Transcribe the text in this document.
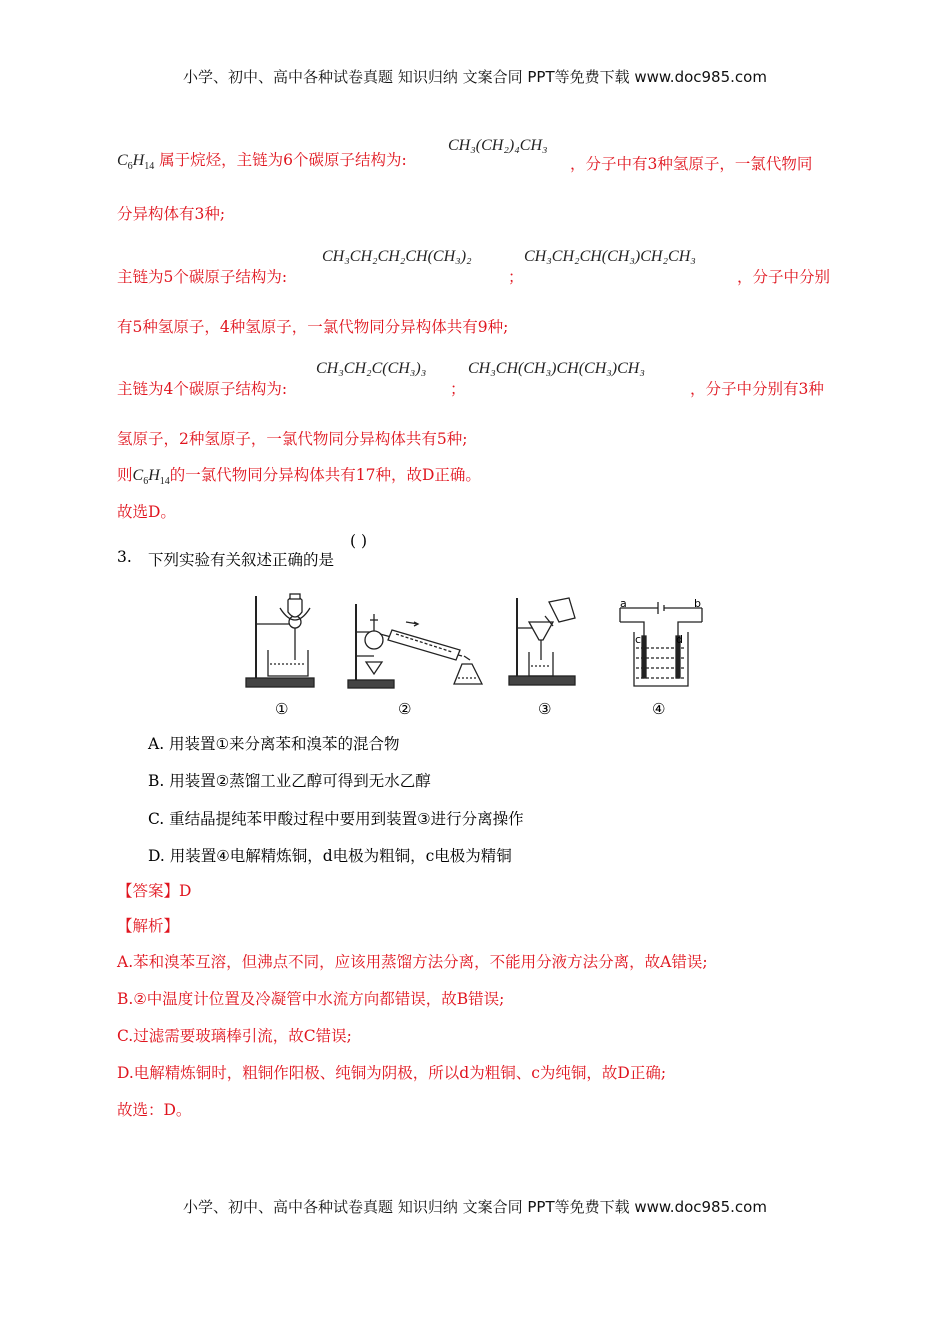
小学、初中、高中各种试卷真题 知识归纳 文案合同 PPT等免费下载 www.doc985.com
$C_6H_{14}$ 属于烷烃，主链为6个碳原子结构为:
CH₃(CH₂)₄CH₃
，分子中有3种氢原子，一氯代物同
分异构体有3种;
主链为5个碳原子结构为:
CH₃CH₂CH₂CH(CH₃)₂
；
CH₃CH₂CH(CH₃)CH₂CH₃
，分子中分别
有5种氢原子，4种氢原子，一氯代物同分异构体共有9种;
主链为4个碳原子结构为:
CH₃CH₂C(CH₃)₃
；
CH₃CH(CH₃)CH(CH₃)CH₃
，分子中分别有3种
氢原子，2种氢原子，一氯代物同分异构体共有5种;
则$C_6H_{14}$的一氯代物同分异构体共有17种，故D正确。
故选D。
3. 下列实验有关叙述正确的是
( )
a	b
c	d
①	②	③	④
A. 用装置①来分离苯和溴苯的混合物
B. 用装置②蒸馏工业乙醇可得到无水乙醇
C. 重结晶提纯苯甲酸过程中要用到装置③进行分离操作
D. 用装置④电解精炼铜，d电极为粗铜，c电极为精铜
【答案】D
【解析】
A.苯和溴苯互溶，但沸点不同，应该用蒸馏方法分离，不能用分液方法分离，故A错误;
B.②中温度计位置及冷凝管中水流方向都错误，故B错误;
C.过滤需要玻璃棒引流，故C错误;
D.电解精炼铜时，粗铜作阳极、纯铜为阴极，所以d为粗铜、c为纯铜，故D正确;
故选：D。
小学、初中、高中各种试卷真题 知识归纳 文案合同 PPT等免费下载 www.doc985.com
